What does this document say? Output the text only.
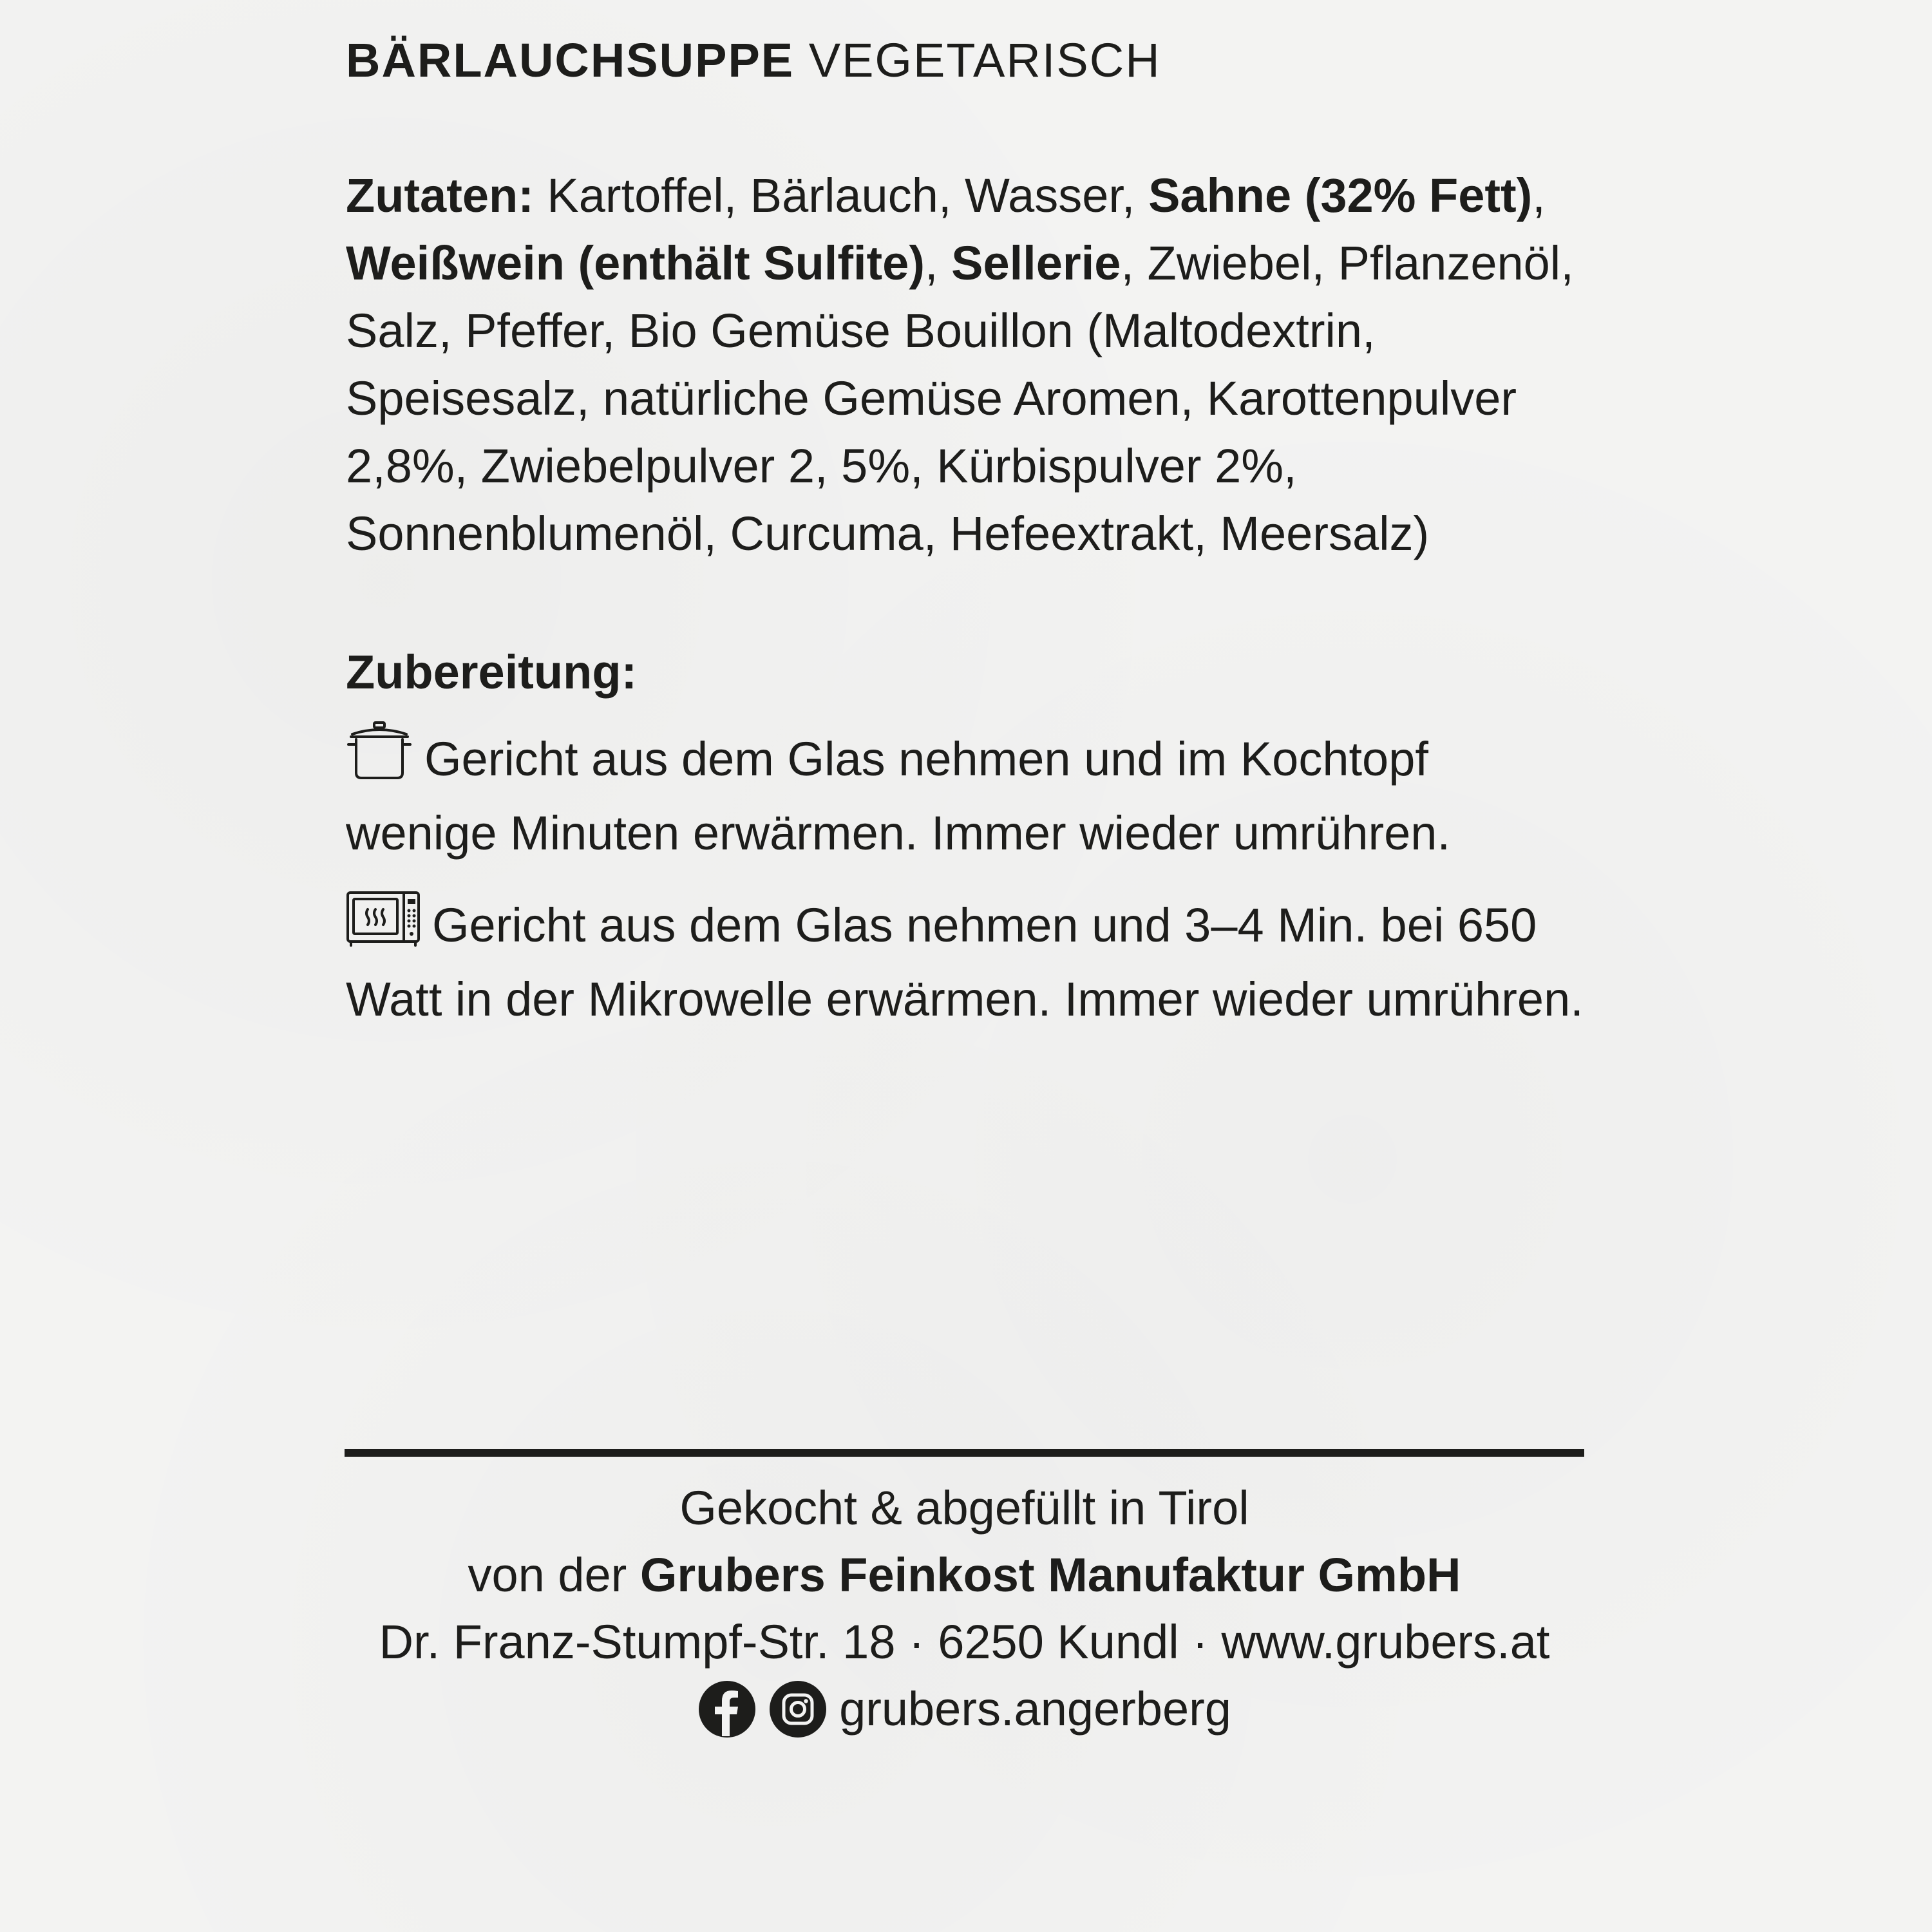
BÄRLAUCHSUPPE VEGETARISCH
Zutaten: Kartoffel, Bärlauch, Wasser, Sahne (32% Fett), Weißwein (enthält Sulfite), Sellerie, Zwiebel, Pflanzenöl, Salz, Pfeffer, Bio Gemüse Bouillon (Maltodextrin, Speisesalz, natürliche Gemüse Aromen, Karottenpulver 2,8%, Zwiebelpulver 2, 5%, Kürbispulver 2%, Sonnenblumenöl, Curcuma, Hefeextrakt, Meersalz)
Zubereitung:
Gericht aus dem Glas nehmen und im Kochtopf wenige Minuten erwärmen. Immer wieder umrühren.
Gericht aus dem Glas nehmen und 3–4 Min. bei 650 Watt in der Mikrowelle erwärmen. Immer wieder umrühren.
Gekocht & abgefüllt in Tirol
von der Grubers Feinkost Manufaktur GmbH
Dr. Franz-Stumpf-Str. 18 · 6250 Kundl · www.grubers.at
grubers.angerberg
